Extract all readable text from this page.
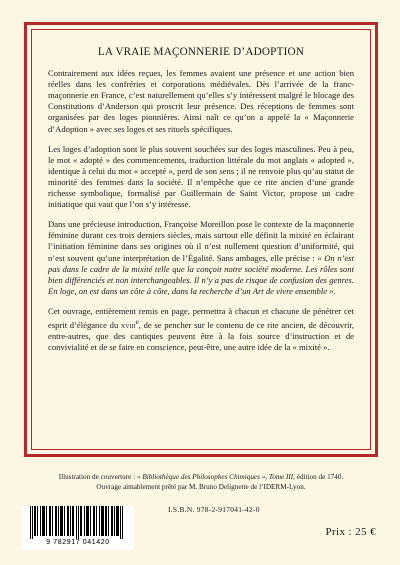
LA VRAIE MAÇONNERIE D’ADOPTION

Contrairement aux idées reçues, les femmes avaient une présence et une action bien réelles dans les confréries et corporations médiévales. Dès l’arrivée de la franc-maçonnerie en France, c’est naturellement qu’elles s’y intéressent malgré le blocage des Constitutions d’Anderson qui proscrit leur présence. Des réceptions de femmes sont organisées par des loges pionnières. Ainsi naît ce qu’on a appelé la « Maçonnerie d’Adoption » avec ses loges et ses rituels spécifiques.

Les loges d’adoption sont le plus souvent souchées sur des loges masculines. Peu à peu, le mot « adopté » des commencements, traduction littérale du mot anglais « adopted », identique à celui du mot « accepté », perd de son sens ; il ne renvoie plus qu’au statut de minorité des femmes dans la société. Il n’empêche que ce rite ancien d’une grande richesse symbolique, formalisé par Guillermain de Saint Victor, propose un cadre initiatique qui vaut que l’on s’y intéresse.

Dans une précieuse introduction, Françoise Moreillon pose le contexte de la maçonnerie féminine durant ces trois derniers siècles, mais surtout elle définit la mixité en éclairant l’initiation féminine dans ses origines où il n’est nullement question d’uniformité, qui n’est souvent qu’une interprétation de l’Égalité. Sans ambages, elle précise : « On n’est pas dans le cadre de la mixité telle que la conçoit notre société moderne. Les rôles sont bien différenciés et non interchangeables. Il n’y a pas de risque de confusion des genres. En loge, on est dans un côte à côte, dans la recherche d’un Art de vivre ensemble ».

Cet ouvrage, entièrement remis en page, permettra à chacun et chacune de pénétrer cet esprit d’élégance du xviii$^e$, de se pencher sur le contenu de ce rite ancien, de découvrir, entre-autres, que des cantiques peuvent être à la fois source d’instruction et de convivialité et de se faire en conscience, peut-être, une autre idée de la « mixité ».

Illustration de couverture : « Bibliothèque des Philosophes Chimiques », Tome III, édition de 1740.
Ouvrage aimablement prêté par M. Bruno Delignette de l’IDERM-Lyon.
I.S.B.N. 978-2-917041-42-0
9 782917 041420
Prix : 25 €
